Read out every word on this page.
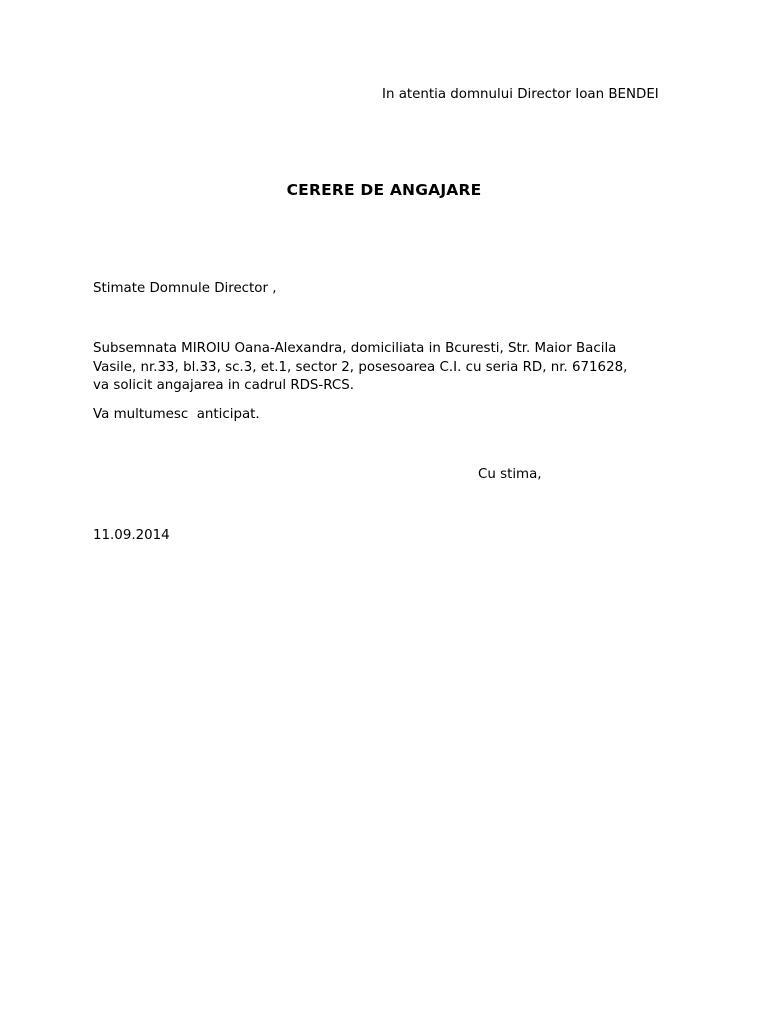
In atentia domnului Director Ioan BENDEI
CERERE DE ANGAJARE
Stimate Domnule Director ,
Subsemnata MIROIU Oana-Alexandra, domiciliata in Bcuresti, Str. Maior Bacila
Vasile, nr.33, bl.33, sc.3, et.1, sector 2, posesoarea C.I. cu seria RD, nr. 671628,
va solicit angajarea in cadrul RDS-RCS.
Va multumesc  anticipat.
Cu stima,
11.09.2014
